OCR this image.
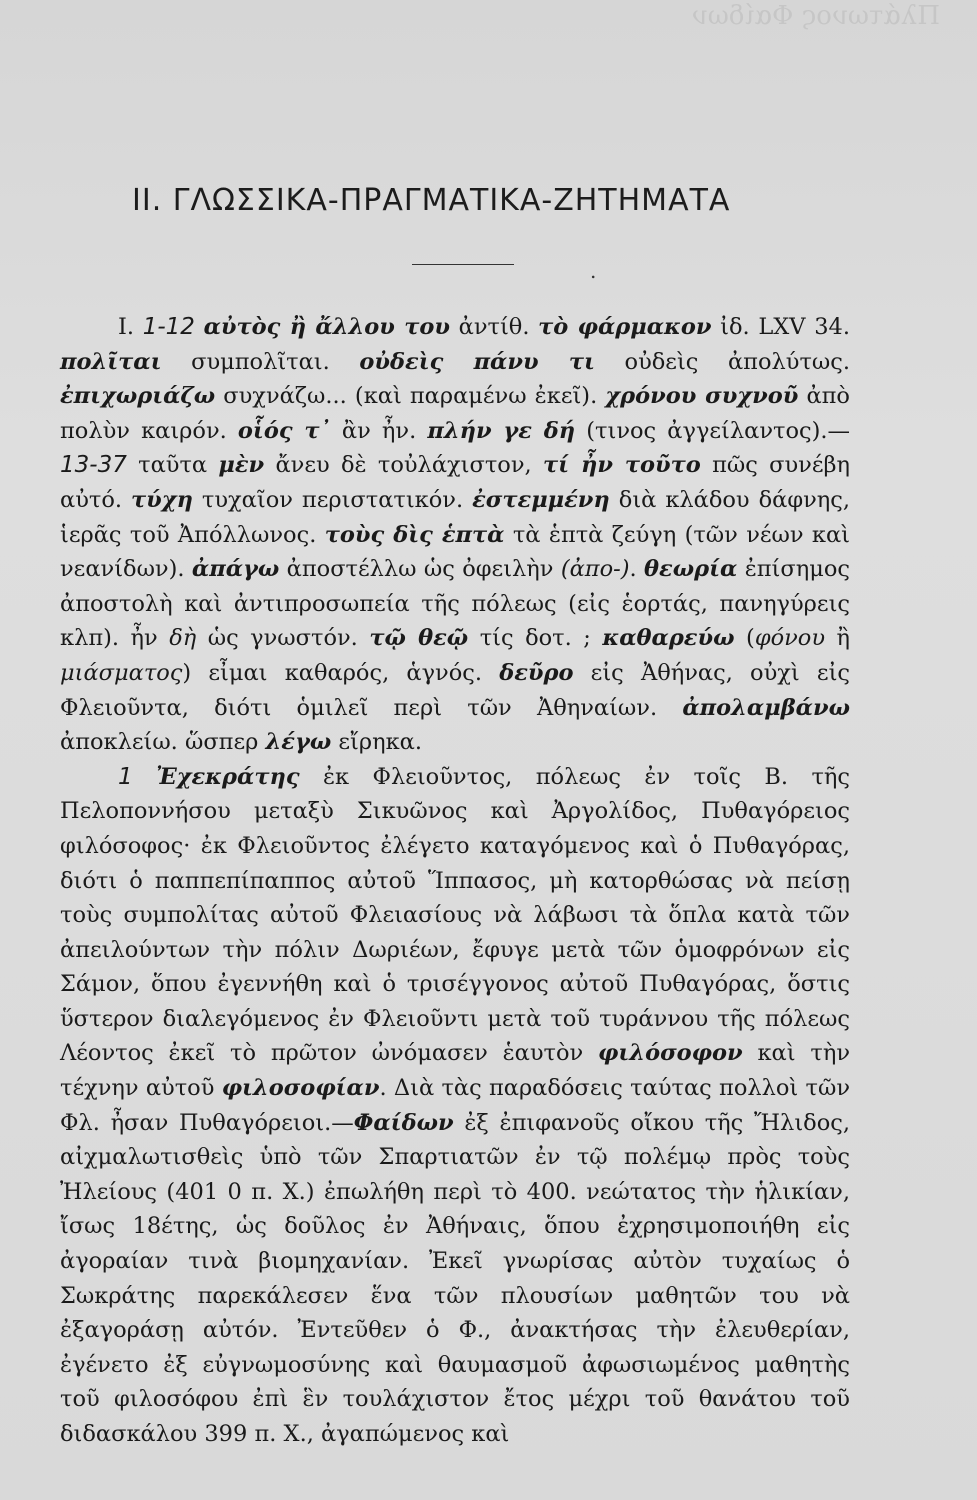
Πλάτωνος Φαίδων
II. ΓΛΩΣΣΙΚΑ-ΠΡΑΓΜΑΤΙΚΑ-ΖΗΤΗΜΑΤΑ
.

I. 1-12 αὐτὸς ἢ ἄλλου του ἀντίθ. τὸ φάρμακον ἰδ. LXV 34. πολῖται συμπολῖται. οὐδεὶς πάνυ τι οὐδεὶς ἀπολύτως. ἐπιχωριάζω συχνάζω... (καὶ παραμένω ἐκεῖ). χρόνου συχνοῦ ἀπὸ πολὺν καιρόν. οἷός τ᾿ ἂν ἦν. πλήν γε δή (τινος ἀγγείλαντος).— 13-37 ταῦτα μὲν ἄνευ δὲ τοὐλάχιστον, τί ἦν τοῦτο πῶς συνέβη αὐτό. τύχη τυχαῖον περιστατικόν. ἐστεμμένη διὰ κλάδου δάφνης, ἱερᾶς τοῦ Ἀπόλλωνος. τοὺς δὶς ἑπτὰ τὰ ἑπτὰ ζεύγη (τῶν νέων καὶ νεανίδων). ἀπάγω ἀποστέλλω ὡς ὀφειλὴν (ἀπο-). θεωρία ἐπίσημος ἀποστολὴ καὶ ἀντιπροσωπεία τῆς πόλεως (εἰς ἑορτάς, πανηγύρεις κλπ). ἦν δὴ ὡς γνωστόν. τῷ θεῷ τίς δοτ. ; καθαρεύω (φόνου ἢ μιάσματος) εἶμαι καθαρός, ἁγνός. δεῦρο εἰς Ἀθήνας, οὐχὶ εἰς Φλειοῦντα, διότι ὁμιλεῖ περὶ τῶν Ἀθηναίων. ἀπολαμβάνω ἀποκλείω. ὥσπερ λέγω εἴρηκα.

1 Ἐχεκράτης ἐκ Φλειοῦντος, πόλεως ἐν τοῖς Β. τῆς Πελοποννήσου μεταξὺ Σικυῶνος καὶ Ἀργολίδος, Πυθαγόρειος φιλόσοφος· ἐκ Φλειοῦντος ἐλέγετο καταγόμενος καὶ ὁ Πυθαγόρας, διότι ὁ παππεπίπαππος αὐτοῦ Ἵππασος, μὴ κατορθώσας νὰ πείσῃ τοὺς συμπολίτας αὐτοῦ Φλειασίους νὰ λάβωσι τὰ ὅπλα κατὰ τῶν ἀπειλούντων τὴν πόλιν Δωριέων, ἔφυγε μετὰ τῶν ὁμοφρόνων εἰς Σάμον, ὅπου ἐγεννήθη καὶ ὁ τρισέγγονος αὐτοῦ Πυθαγόρας, ὅστις ὕστερον διαλεγόμενος ἐν Φλειοῦντι μετὰ τοῦ τυράννου τῆς πόλεως Λέοντος ἐκεῖ τὸ πρῶτον ὠνόμασεν ἑαυτὸν φιλόσοφον καὶ τὴν τέχνην αὐτοῦ φιλοσοφίαν. Διὰ τὰς παραδόσεις ταύτας πολλοὶ τῶν Φλ. ἦσαν Πυθαγόρειοι.—Φαίδων ἐξ ἐπιφανοῦς οἴκου τῆς Ἤλιδος, αἰχμαλωτισθεὶς ὑπὸ τῶν Σπαρτιατῶν ἐν τῷ πολέμῳ πρὸς τοὺς Ἠλείους (401 0 π. Χ.) ἐπωλήθη περὶ τὸ 400. νεώτατος τὴν ἡλικίαν, ἴσως 18έτης, ὡς δοῦλος ἐν Ἀθήναις, ὅπου ἐχρησιμοποιήθη εἰς ἀγοραίαν τινὰ βιομηχανίαν. Ἐκεῖ γνωρίσας αὐτὸν τυχαίως ὁ Σωκράτης παρεκάλεσεν ἕνα τῶν πλουσίων μαθητῶν του νὰ ἐξαγοράσῃ αὐτόν. Ἐντεῦθεν ὁ Φ., ἀνακτήσας τὴν ἐλευθερίαν, ἐγένετο ἐξ εὐγνωμοσύνης καὶ θαυμασμοῦ ἀφωσιωμένος μαθητὴς τοῦ φιλοσόφου ἐπὶ ἓν τουλάχιστον ἔτος μέχρι τοῦ θανάτου τοῦ διδασκάλου 399 π. Χ., ἀγαπώμενος καὶ
